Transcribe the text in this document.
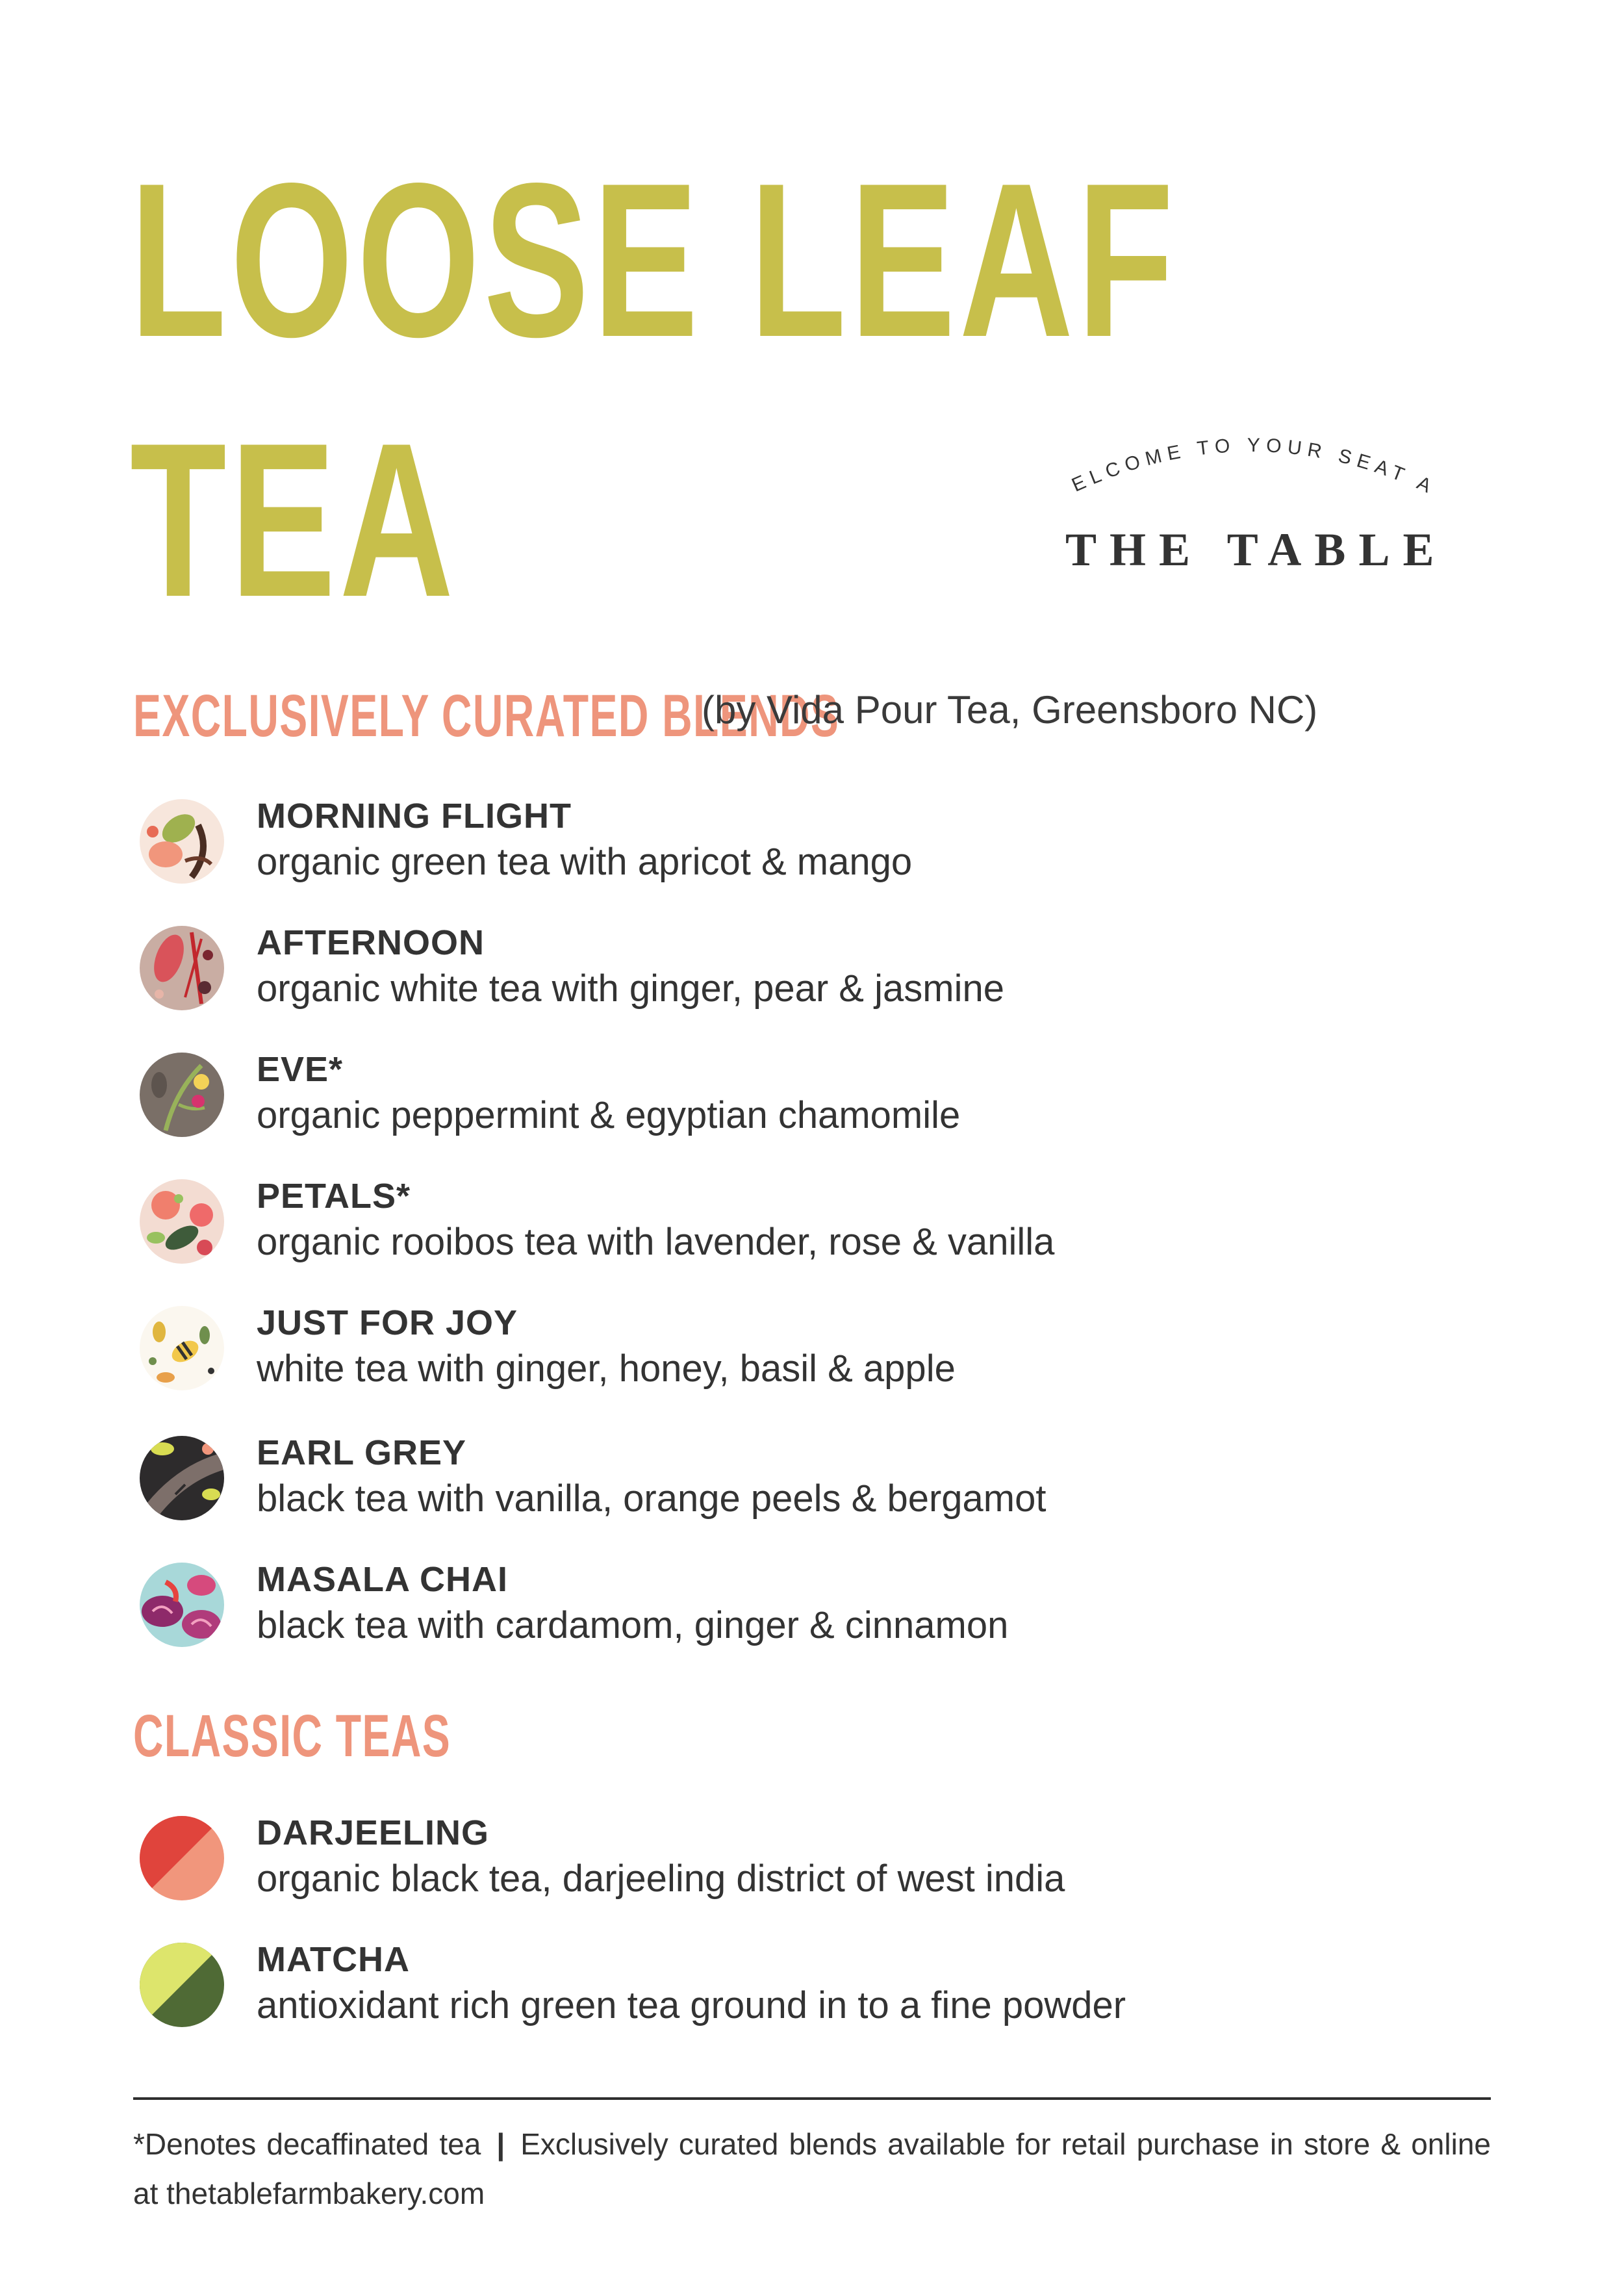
LOOSE LEAF
TEA	WELCOME TO YOUR SEAT AT
THE TABLE
EXCLUSIVELY CURATED BLENDS
(by Vida Pour Tea, Greensboro NC)
MORNING FLIGHT
organic green tea with apricot & mango
AFTERNOON
organic white tea with ginger, pear & jasmine
EVE*
organic peppermint & egyptian chamomile
PETALS*
organic rooibos tea with lavender, rose & vanilla
JUST FOR JOY
white tea with ginger, honey, basil & apple
EARL GREY
black tea with vanilla, orange peels & bergamot
MASALA CHAI
black tea with cardamom, ginger & cinnamon
CLASSIC TEAS
DARJEELING
organic black tea, darjeeling district of west india
MATCHA
antioxidant rich green tea ground in to a fine powder
*Denotes decaffinated tea | Exclusively curated blends available for retail purchase in store & online at thetablefarmbakery.com
